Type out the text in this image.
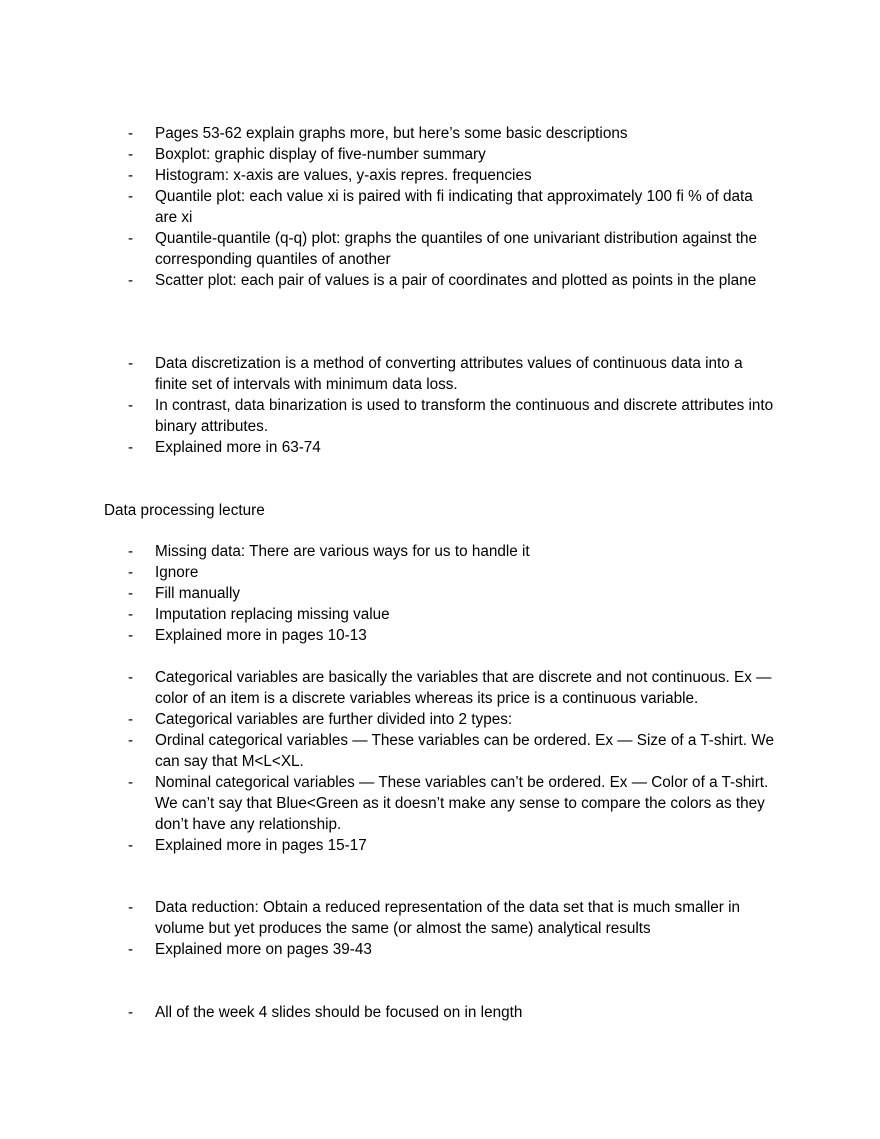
- Pages 53-62 explain graphs more, but here’s some basic descriptions
- Boxplot: graphic display of five-number summary
- Histogram: x-axis are values, y-axis repres. frequencies
- Quantile plot: each value xi is paired with fi indicating that approximately 100 fi % of data are xi
- Quantile-quantile (q-q) plot: graphs the quantiles of one univariant distribution against the corresponding quantiles of another
- Scatter plot: each pair of values is a pair of coordinates and plotted as points in the plane
- Data discretization is a method of converting attributes values of continuous data into a finite set of intervals with minimum data loss.
- In contrast, data binarization is used to transform the continuous and discrete attributes into binary attributes.
- Explained more in 63-74

Data processing lecture

- Missing data: There are various ways for us to handle it
- Ignore
- Fill manually
- Imputation replacing missing value
- Explained more in pages 10-13
- Categorical variables are basically the variables that are discrete and not continuous. Ex — color of an item is a discrete variables whereas its price is a continuous variable.
- Categorical variables are further divided into 2 types:
- Ordinal categorical variables — These variables can be ordered. Ex — Size of a T-shirt. We can say that M<L<XL.
- Nominal categorical variables — These variables can’t be ordered. Ex — Color of a T-shirt. We can’t say that Blue<Green as it doesn’t make any sense to compare the colors as they don’t have any relationship.
- Explained more in pages 15-17
- Data reduction: Obtain a reduced representation of the data set that is much smaller in volume but yet produces the same (or almost the same) analytical results
- Explained more on pages 39-43
- All of the week 4 slides should be focused on in length
